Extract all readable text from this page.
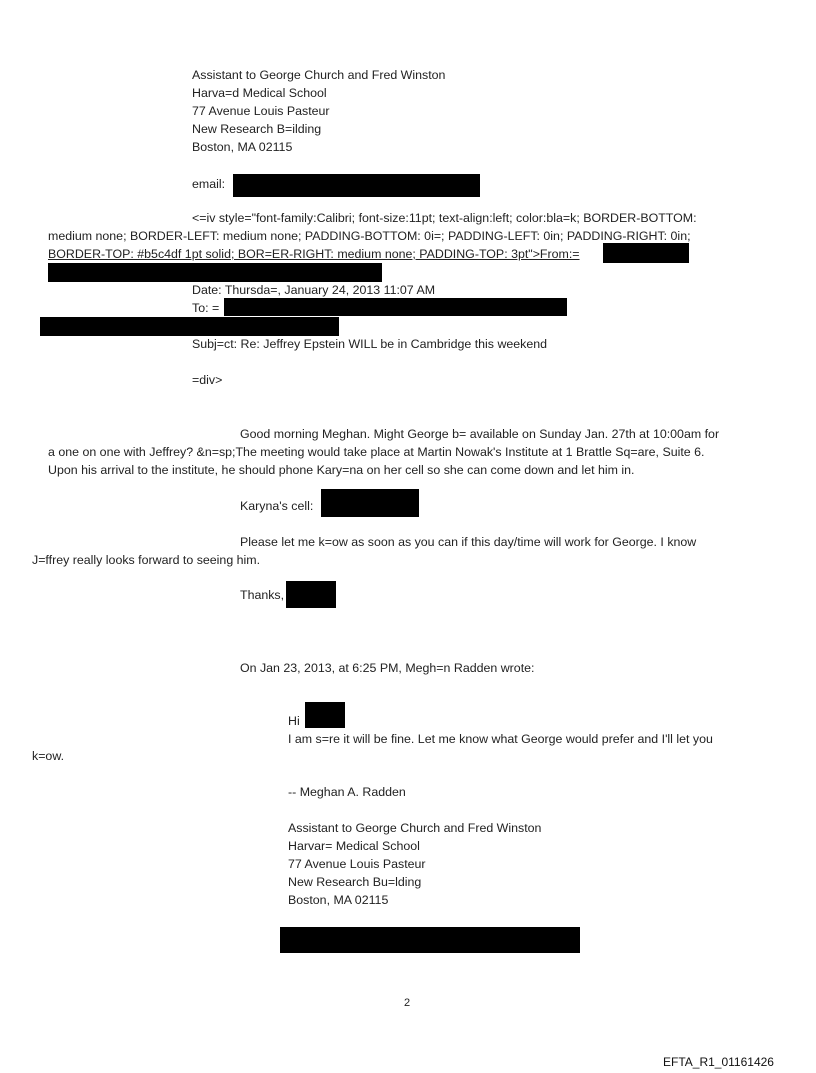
Assistant to George Church and Fred Winston
Harva=d Medical School
77 Avenue Louis Pasteur
New Research B=ilding
Boston, MA 02115
email:
<=iv style="font-family:Calibri; font-size:11pt; text-align:left; color:bla=k; BORDER-BOTTOM:
medium none; BORDER-LEFT: medium none; PADDING-BOTTOM: 0i=; PADDING-LEFT: 0in; PADDING-RIGHT: 0in;
BORDER-TOP: #b5c4df 1pt solid; BOR=ER-RIGHT: medium none; PADDING-TOP: 3pt">From:=
Date: Thursda=, January 24, 2013 11:07 AM
To: =
Subj=ct: Re: Jeffrey Epstein WILL be in Cambridge this weekend
=div>
Good morning Meghan. Might George b= available on Sunday Jan. 27th at 10:00am for
a one on one with Jeffrey? &n=sp;The meeting would take place at Martin Nowak's Institute at 1 Brattle Sq=are, Suite 6.
Upon his arrival to the institute, he should phone Kary=na on her cell so she can come down and let him in.
Karyna's cell:
Please let me k=ow as soon as you can if this day/time will work for George. I know
J=ffrey really looks forward to seeing him.
Thanks,
On Jan 23, 2013, at 6:25 PM, Megh=n Radden wrote:
Hi
I am s=re it will be fine. Let me know what George would prefer and I'll let you
k=ow.
-- Meghan A. Radden
Assistant to George Church and Fred Winston
Harvar= Medical School
77 Avenue Louis Pasteur
New Research Bu=lding
Boston, MA 02115
2
EFTA_R1_01161426
